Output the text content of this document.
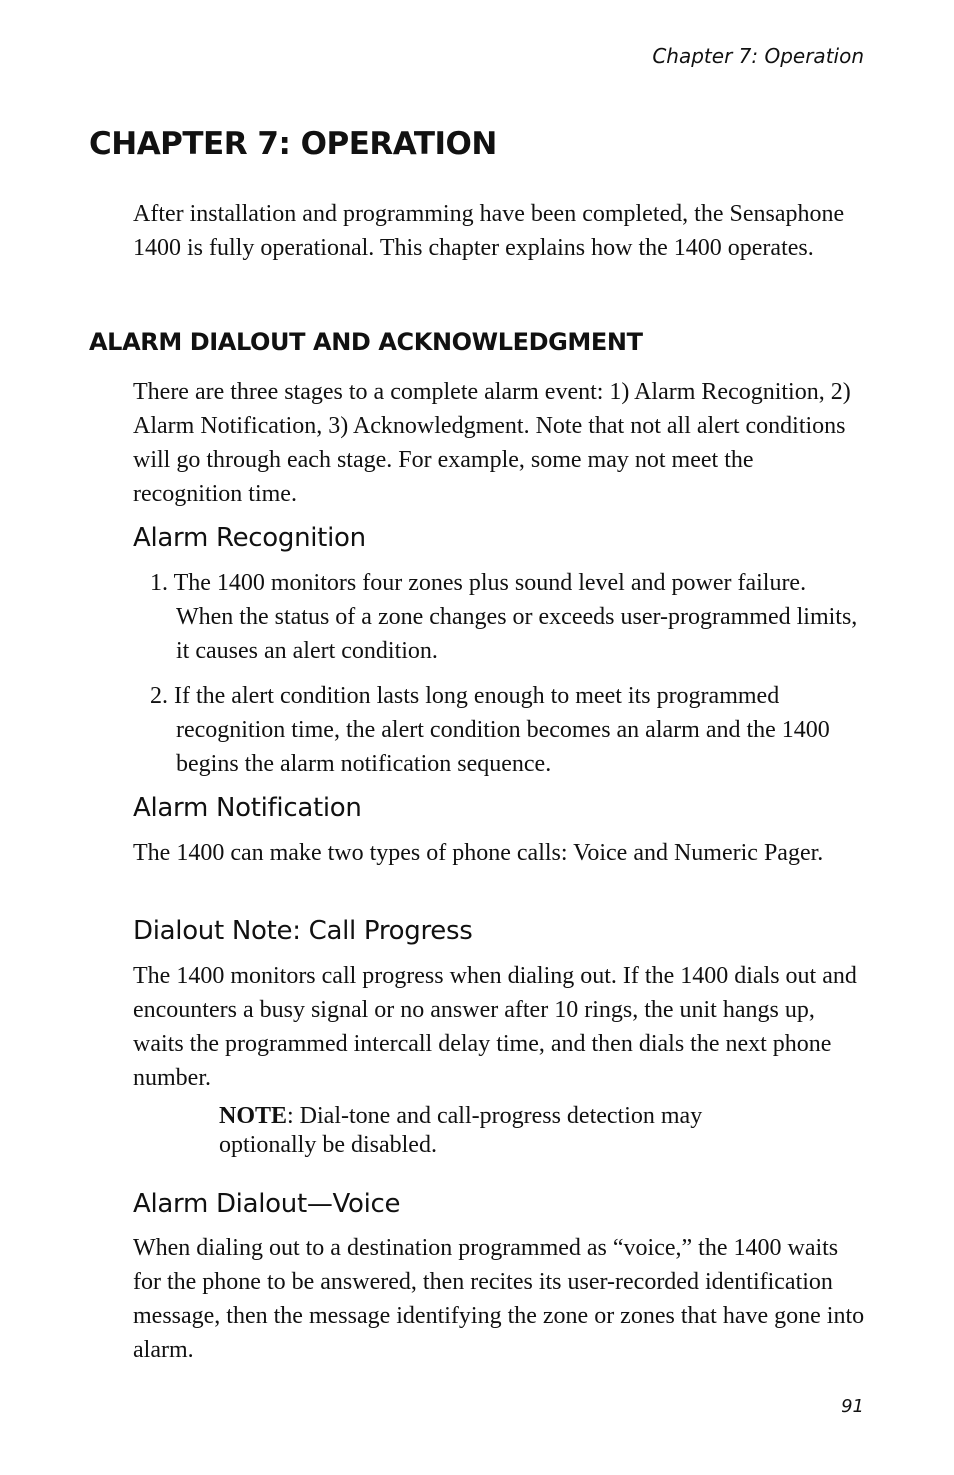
Chapter 7: Operation
CHAPTER 7: OPERATION

After installation and programming have been completed, the Sensaphone 1400 is fully operational. This chapter explains how the 1400 operates.

ALARM DIALOUT AND ACKNOWLEDGMENT

There are three stages to a complete alarm event: 1) Alarm Recognition, 2) Alarm Notification, 3) Acknowledgment. Note that not all alert conditions will go through each stage. For example, some may not meet the recognition time.

Alarm Recognition

1. The 1400 monitors four zones plus sound level and power failure. When the status of a zone changes or exceeds user-programmed limits, it causes an alert condition.

2. If the alert condition lasts long enough to meet its programmed recognition time, the alert condition becomes an alarm and the 1400 begins the alarm notification sequence.

Alarm Notification

The 1400 can make two types of phone calls: Voice and Numeric Pager.

Dialout Note: Call Progress

The 1400 monitors call progress when dialing out. If the 1400 dials out and encounters a busy signal or no answer after 10 rings, the unit hangs up, waits the programmed intercall delay time, and then dials the next phone number.

NOTE: Dial-tone and call-progress detection may optionally be disabled.

Alarm Dialout—Voice

When dialing out to a destination programmed as “voice,” the 1400 waits for the phone to be answered, then recites its user-recorded identification message, then the message identifying the zone or zones that have gone into alarm.

91
